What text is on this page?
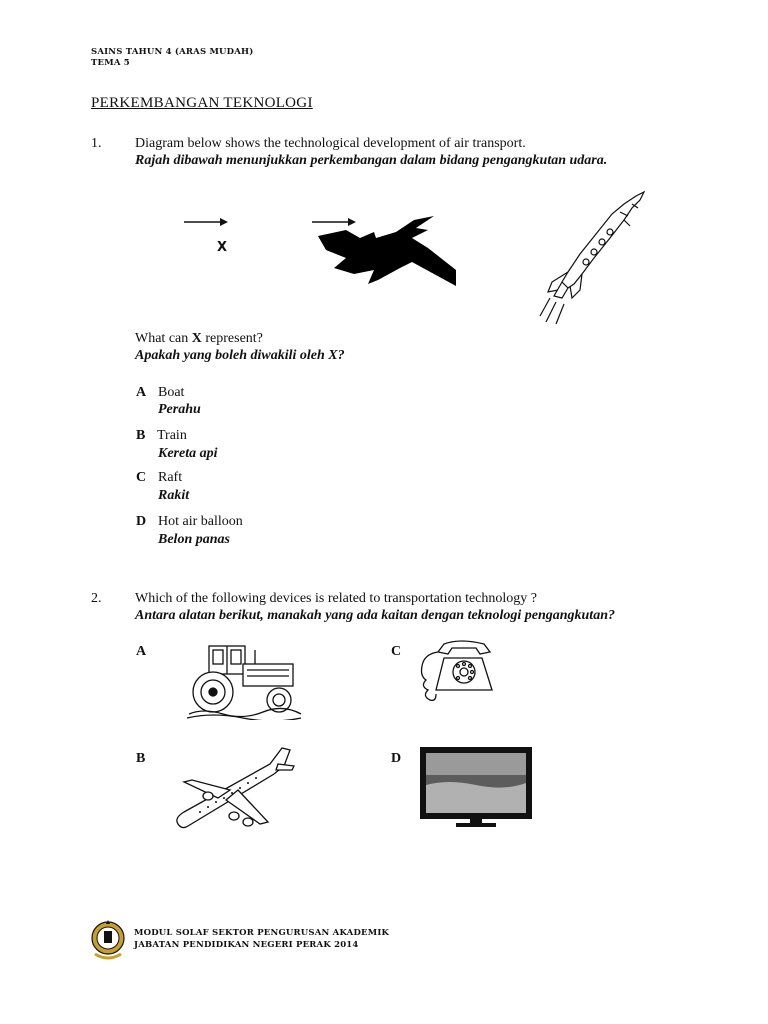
SAINS TAHUN 4 (ARAS MUDAH)
TEMA 5
PERKEMBANGAN TEKNOLOGI
1. Diagram below shows the technological development of air transport.
Rajah dibawah menunjukkan perkembangan dalam bidang pengangkutan udara.
X
What can X represent?
Apakah yang boleh diwakili oleh X?
A Boat
Perahu
B Train
Kereta api
C Raft
Rakit
D Hot air balloon
Belon panas
2. Which of the following devices is related to transportation technology ?
Antara alatan berikut, manakah yang ada kaitan dengan teknologi pengangkutan?
A	C
B	D
MODUL SOLAF SEKTOR PENGURUSAN AKADEMIK
JABATAN PENDIDIKAN NEGERI PERAK 2014
